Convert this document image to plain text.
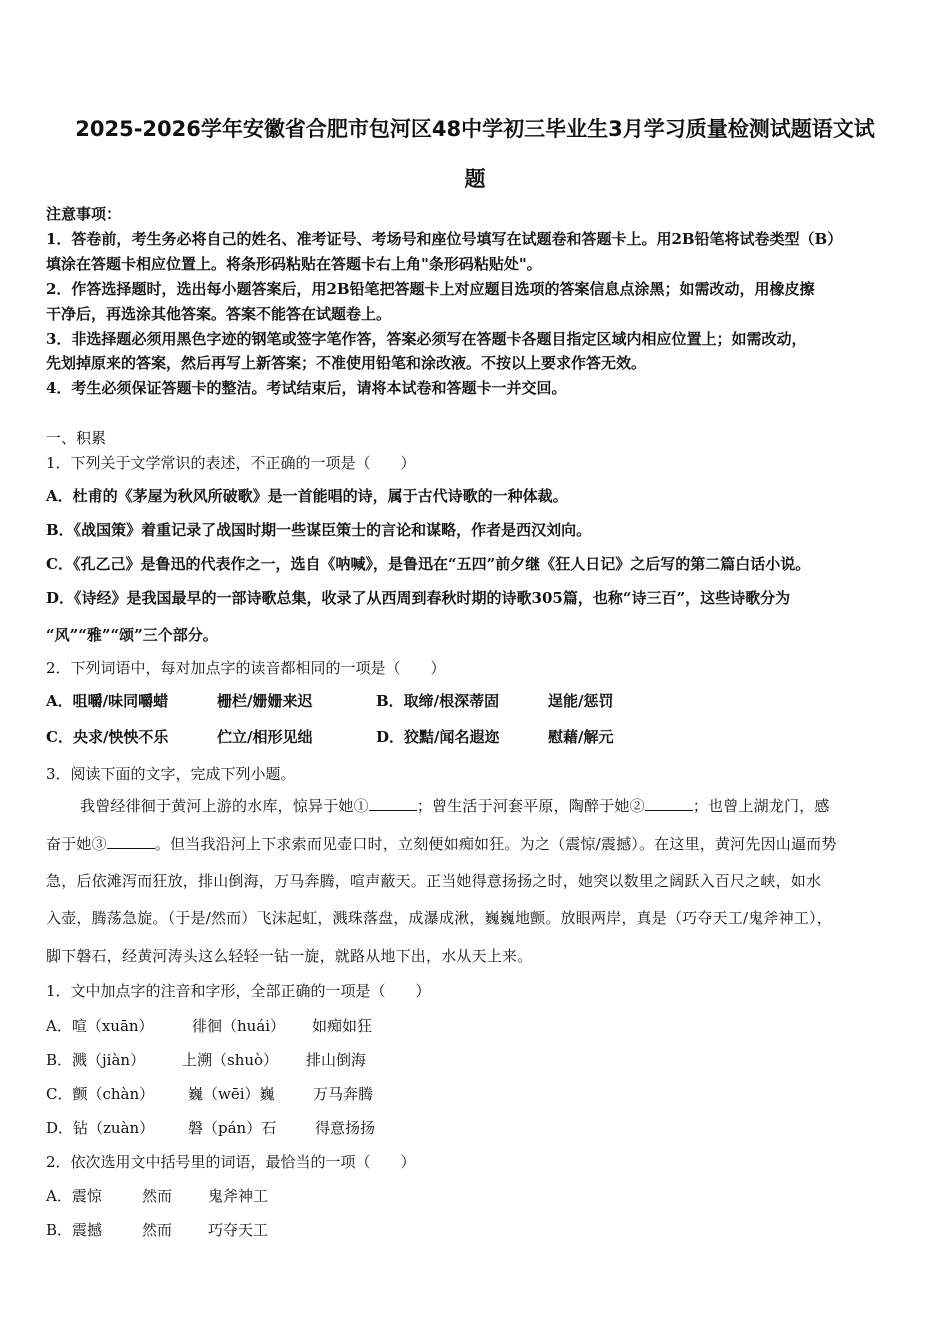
2025-2026学年安徽省合肥市包河区48中学初三毕业生3月学习质量检测试题语文试
题
注意事项：
1．答卷前，考生务必将自己的姓名、准考证号、考场号和座位号填写在试题卷和答题卡上。用2B铅笔将试卷类型（B）
填涂在答题卡相应位置上。将条形码粘贴在答题卡右上角"条形码粘贴处"。
2．作答选择题时，选出每小题答案后，用2B铅笔把答题卡上对应题目选项的答案信息点涂黑；如需改动，用橡皮擦
干净后，再选涂其他答案。答案不能答在试题卷上。
3．非选择题必须用黑色字迹的钢笔或签字笔作答，答案必须写在答题卡各题目指定区域内相应位置上；如需改动，
先划掉原来的答案，然后再写上新答案；不准使用铅笔和涂改液。不按以上要求作答无效。
4．考生必须保证答题卡的整洁。考试结束后，请将本试卷和答题卡一并交回。
一、积累
1．下列关于文学常识的表述，不正确的一项是（　　）
A．杜甫的《茅屋为秋风所破歌》是一首能唱的诗，属于古代诗歌的一种体裁。
B．《战国策》着重记录了战国时期一些谋臣策士的言论和谋略，作者是西汉刘向。
C．《孔乙己》是鲁迅的代表作之一，选自《呐喊》，是鲁迅在“五四”前夕继《狂人日记》之后写的第二篇白话小说。
D．《诗经》是我国最早的一部诗歌总集，收录了从西周到春秋时期的诗歌305篇，也称“诗三百”，这些诗歌分为
“风”“雅”“颂”三个部分。
2．下列词语中，每对加点字的读音都相同的一项是（　　）
A．咀嚼/味同嚼蜡	栅栏/姗姗来迟	B．取缔/根深蒂固	逞能/惩罚
C．央求/怏怏不乐	伫立/相形见绌	D．狡黠/闻名遐迩	慰藉/解元
3．阅读下面的文字，完成下列小题。
我曾经徘徊于黄河上游的水库，惊异于她①	；曾生活于河套平原，陶醉于她②	；也曾上湖龙门，感
奋于她③	。但当我沿河上下求索而见壶口时，立刻便如痴如狂。为之（震惊/震撼）。在这里，黄河先因山逼而势
急，后依滩泻而狂放，排山倒海，万马奔腾，喧声蔽天。正当她得意扬扬之时，她突以数里之阔跃入百尺之峡，如水
入壶，腾荡急旋。（于是/然而）飞沫起虹，溅珠落盘，成瀑成湫，巍巍地颤。放眼两岸，真是（巧夺天工/鬼斧神工），
脚下磐石，经黄河涛头这么轻轻一钻一旋，就路从地下出，水从天上来。
1．文中加点字的注音和字形，全部正确的一项是（　　）
A．喧（xuān）	徘徊（huái） 如痴如狂
B．溅（jiàn） 上溯（shuò） 排山倒海
C．颤（chàn） 巍（wēi）巍	万马奔腾
D．钻（zuàn） 磐（pán）石	得意扬扬
2．依次选用文中括号里的词语，最恰当的一项（　　）
A．震惊	然而 鬼斧神工
B．震撼	然而 巧夺天工
